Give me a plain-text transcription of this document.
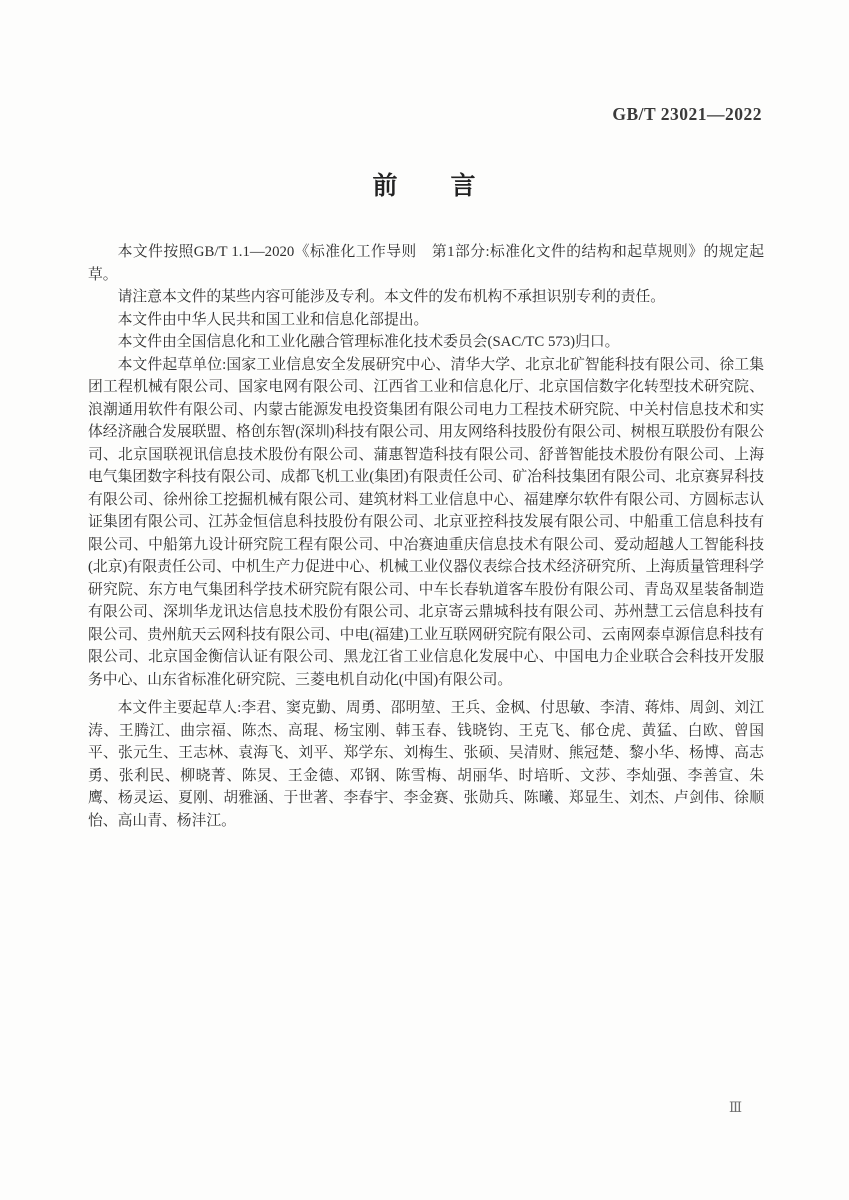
GB/T 23021—2022
前　　言

本文件按照GB/T 1.1—2020《标准化工作导则　第1部分:标准化文件的结构和起草规则》的规定起草。

请注意本文件的某些内容可能涉及专利。本文件的发布机构不承担识别专利的责任。

本文件由中华人民共和国工业和信息化部提出。

本文件由全国信息化和工业化融合管理标准化技术委员会(SAC/TC 573)归口。

本文件起草单位:国家工业信息安全发展研究中心、清华大学、北京北矿智能科技有限公司、徐工集团工程机械有限公司、国家电网有限公司、江西省工业和信息化厅、北京国信数字化转型技术研究院、浪潮通用软件有限公司、内蒙古能源发电投资集团有限公司电力工程技术研究院、中关村信息技术和实体经济融合发展联盟、格创东智(深圳)科技有限公司、用友网络科技股份有限公司、树根互联股份有限公司、北京国联视讯信息技术股份有限公司、蒲惠智造科技有限公司、舒普智能技术股份有限公司、上海电气集团数字科技有限公司、成都飞机工业(集团)有限责任公司、矿冶科技集团有限公司、北京赛昇科技有限公司、徐州徐工挖掘机械有限公司、建筑材料工业信息中心、福建摩尔软件有限公司、方圆标志认证集团有限公司、江苏金恒信息科技股份有限公司、北京亚控科技发展有限公司、中船重工信息科技有限公司、中船第九设计研究院工程有限公司、中冶赛迪重庆信息技术有限公司、爱动超越人工智能科技(北京)有限责任公司、中机生产力促进中心、机械工业仪器仪表综合技术经济研究所、上海质量管理科学研究院、东方电气集团科学技术研究院有限公司、中车长春轨道客车股份有限公司、青岛双星装备制造有限公司、深圳华龙讯达信息技术股份有限公司、北京寄云鼎城科技有限公司、苏州慧工云信息科技有限公司、贵州航天云网科技有限公司、中电(福建)工业互联网研究院有限公司、云南网泰卓源信息科技有限公司、北京国金衡信认证有限公司、黑龙江省工业信息化发展中心、中国电力企业联合会科技开发服务中心、山东省标准化研究院、三菱电机自动化(中国)有限公司。

本文件主要起草人:李君、窦克勤、周勇、邵明堃、王兵、金枫、付思敏、李清、蒋炜、周剑、刘江涛、王腾江、曲宗福、陈杰、高琨、杨宝刚、韩玉春、钱晓钧、王克飞、郁仓虎、黄猛、白欧、曾国平、张元生、王志林、袁海飞、刘平、郑学东、刘梅生、张硕、吴清财、熊冠楚、黎小华、杨博、高志勇、张利民、柳晓菁、陈炅、王金德、邓钢、陈雪梅、胡丽华、时培昕、文莎、李灿强、李善宣、朱鹰、杨灵运、夏刚、胡雅涵、于世著、李春宇、李金赛、张勋兵、陈曦、郑显生、刘杰、卢剑伟、徐顺怡、高山青、杨沣江。

Ⅲ
